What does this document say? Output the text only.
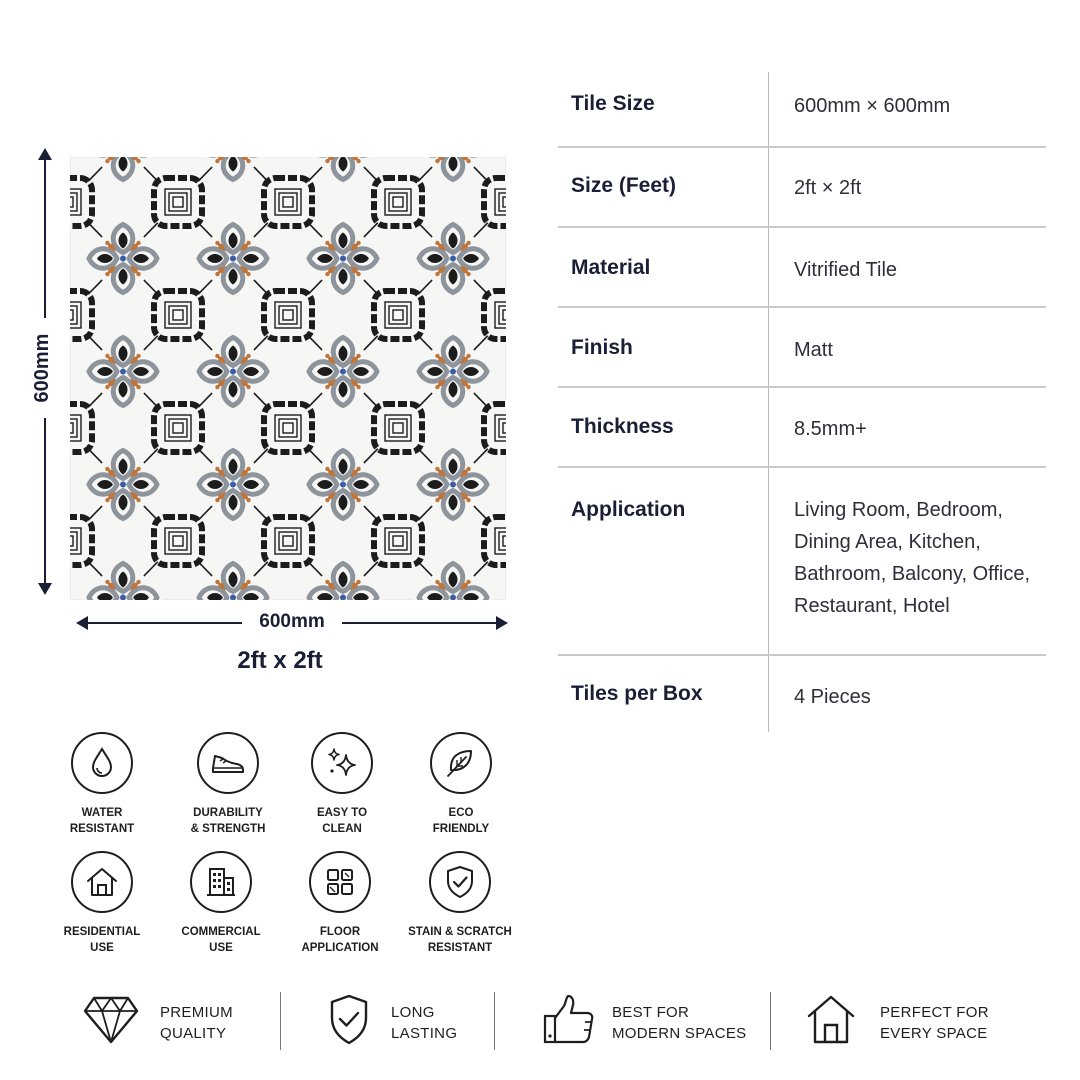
600mm
600mm
2ft x 2ft
Tile Size	600mm × 600mm
Size (Feet)	2ft × 2ft
Material	Vitrified Tile
Finish	Matt
Thickness	8.5mm+
Application	Living Room, Bedroom, Dining Area, Kitchen, Bathroom, Balcony, Office, Restaurant, Hotel
Tiles per Box	4 Pieces
WATER
RESISTANT
DURABILITY
& STRENGTH
EASY TO
CLEAN
ECO
FRIENDLY
RESIDENTIAL
USE
COMMERCIAL
USE
FLOOR
APPLICATION
STAIN & SCRATCH
RESISTANT
PREMIUM
QUALITY
LONG
LASTING
BEST FOR
MODERN SPACES
PERFECT FOR
EVERY SPACE
